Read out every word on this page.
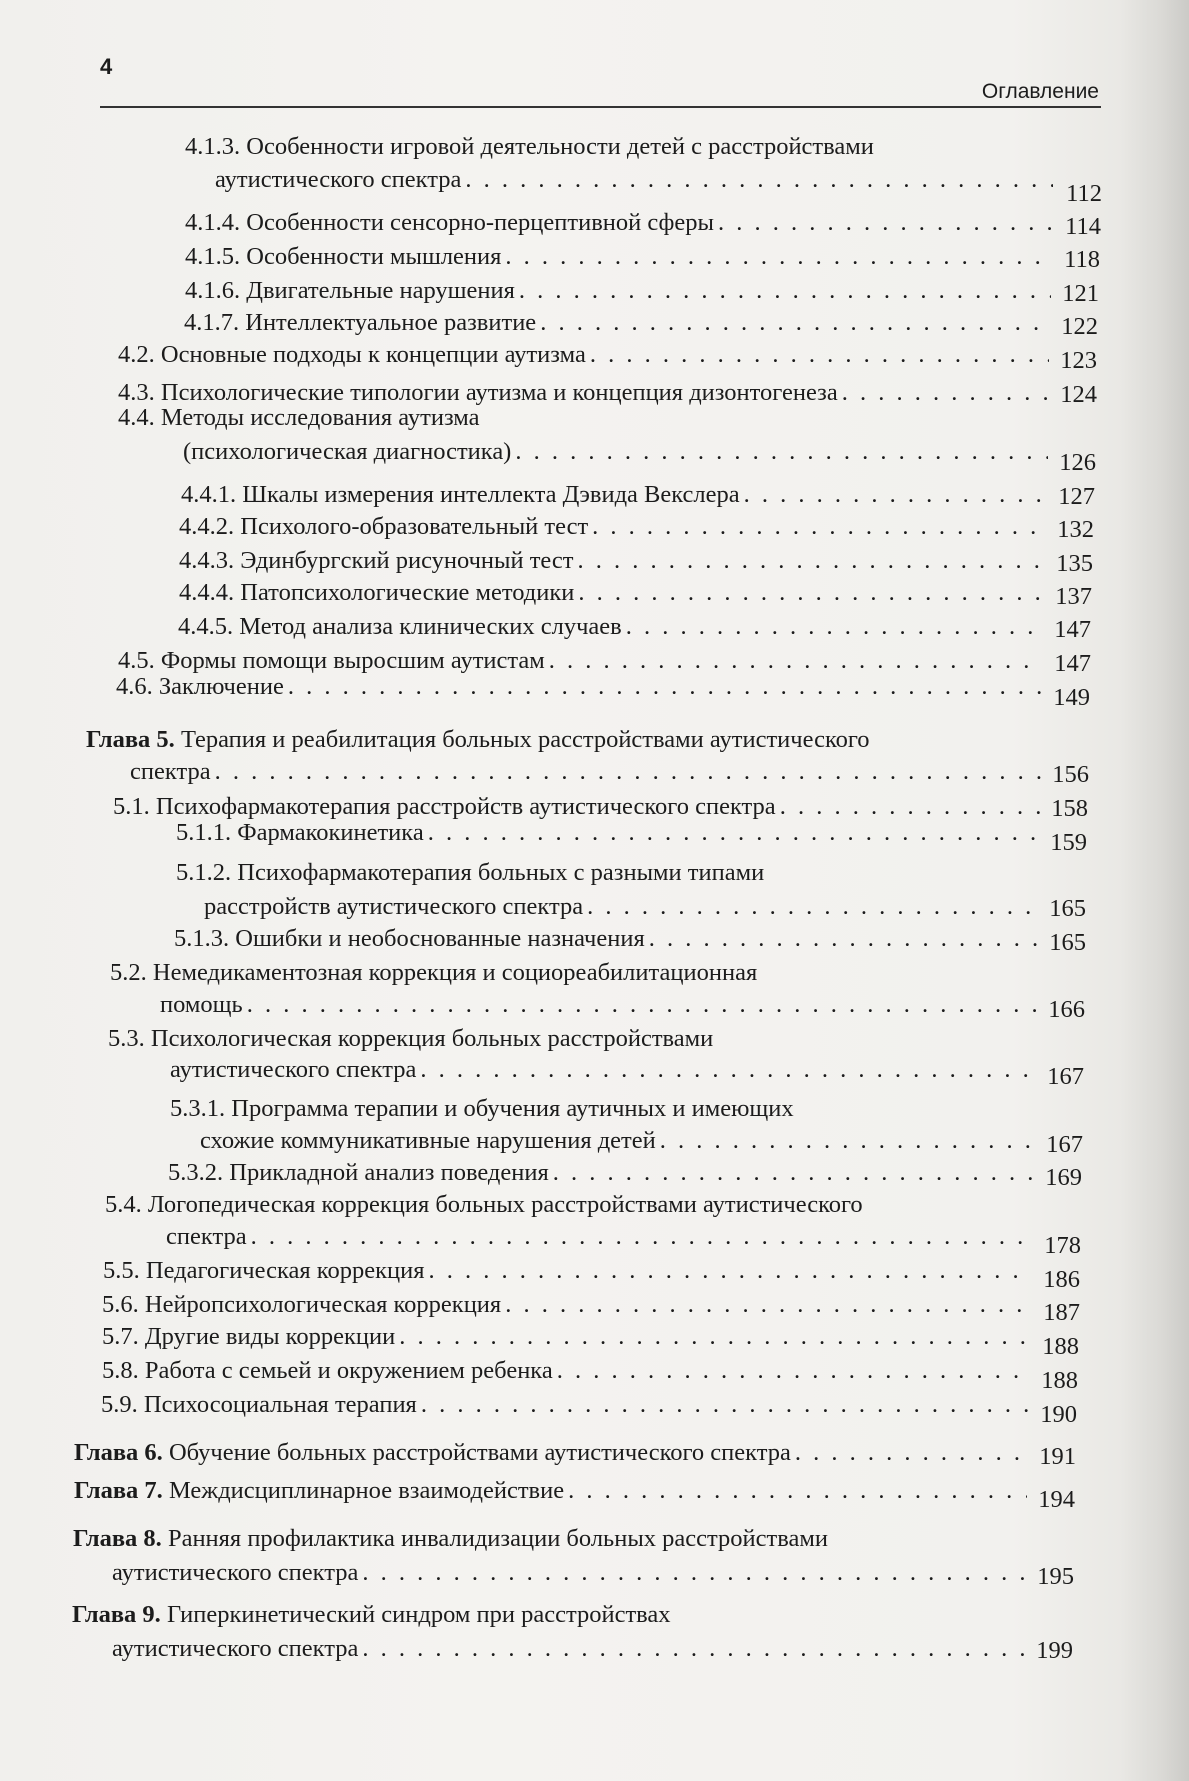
4
Оглавление
4.1.3. Особенности игровой деятельности детей с расстройствами
аутистического спектра
. . .
112
4.1.4. Особенности сенсорно-перцептивной сферы . . .	114
4.1.5. Особенности мышления . . .	118
4.1.6. Двигательные нарушения . . .	121
4.1.7. Интеллектуальное развитие . . .	122
4.2. Основные подходы к концепции аутизма . . .	123
4.3. Психологические типологии аутизма и концепция дизонтогенеза . . .	124
4.4. Методы исследования аутизма
(психологическая диагностика) . . .	126
4.4.1. Шкалы измерения интеллекта Дэвида Векслера . . .	127
4.4.2. Психолого-образовательный тест . . .	132
4.4.3. Эдинбургский рисуночный тест . . .	135
4.4.4. Патопсихологические методики . . .	137
4.4.5. Метод анализа клинических случаев . . .	147
4.5. Формы помощи выросшим аутистам . . .	147
4.6. Заключение . . .	149
Глава 5. Терапия и реабилитация больных расстройствами аутистического
спектра . . .	156
5.1. Психофармакотерапия расстройств аутистического спектра . . .	158
5.1.1. Фармакокинетика . . .	159
5.1.2. Психофармакотерапия больных с разными типами
расстройств аутистического спектра . . .	165
5.1.3. Ошибки и необоснованные назначения . . .	165
5.2. Немедикаментозная коррекция и социореабилитационная
помощь . . .	166
5.3. Психологическая коррекция больных расстройствами
аутистического спектра . . .	167
5.3.1. Программа терапии и обучения аутичных и имеющих
схожие коммуникативные нарушения детей . . .	167
5.3.2. Прикладной анализ поведения . . .	169
5.4. Логопедическая коррекция больных расстройствами аутистического
спектра . . .	178
5.5. Педагогическая коррекция . . .	186
5.6. Нейропсихологическая коррекция . . .	187
5.7. Другие виды коррекции . . .	188
5.8. Работа с семьей и окружением ребенка . . .	188
5.9. Психосоциальная терапия . . .	190
Глава 6. Обучение больных расстройствами аутистического спектра . . .	191
Глава 7. Междисциплинарное взаимодействие . . .	194
Глава 8. Ранняя профилактика инвалидизации больных расстройствами
аутистического спектра . . .	195
Глава 9. Гиперкинетический синдром при расстройствах
аутистического спектра . . .	199
